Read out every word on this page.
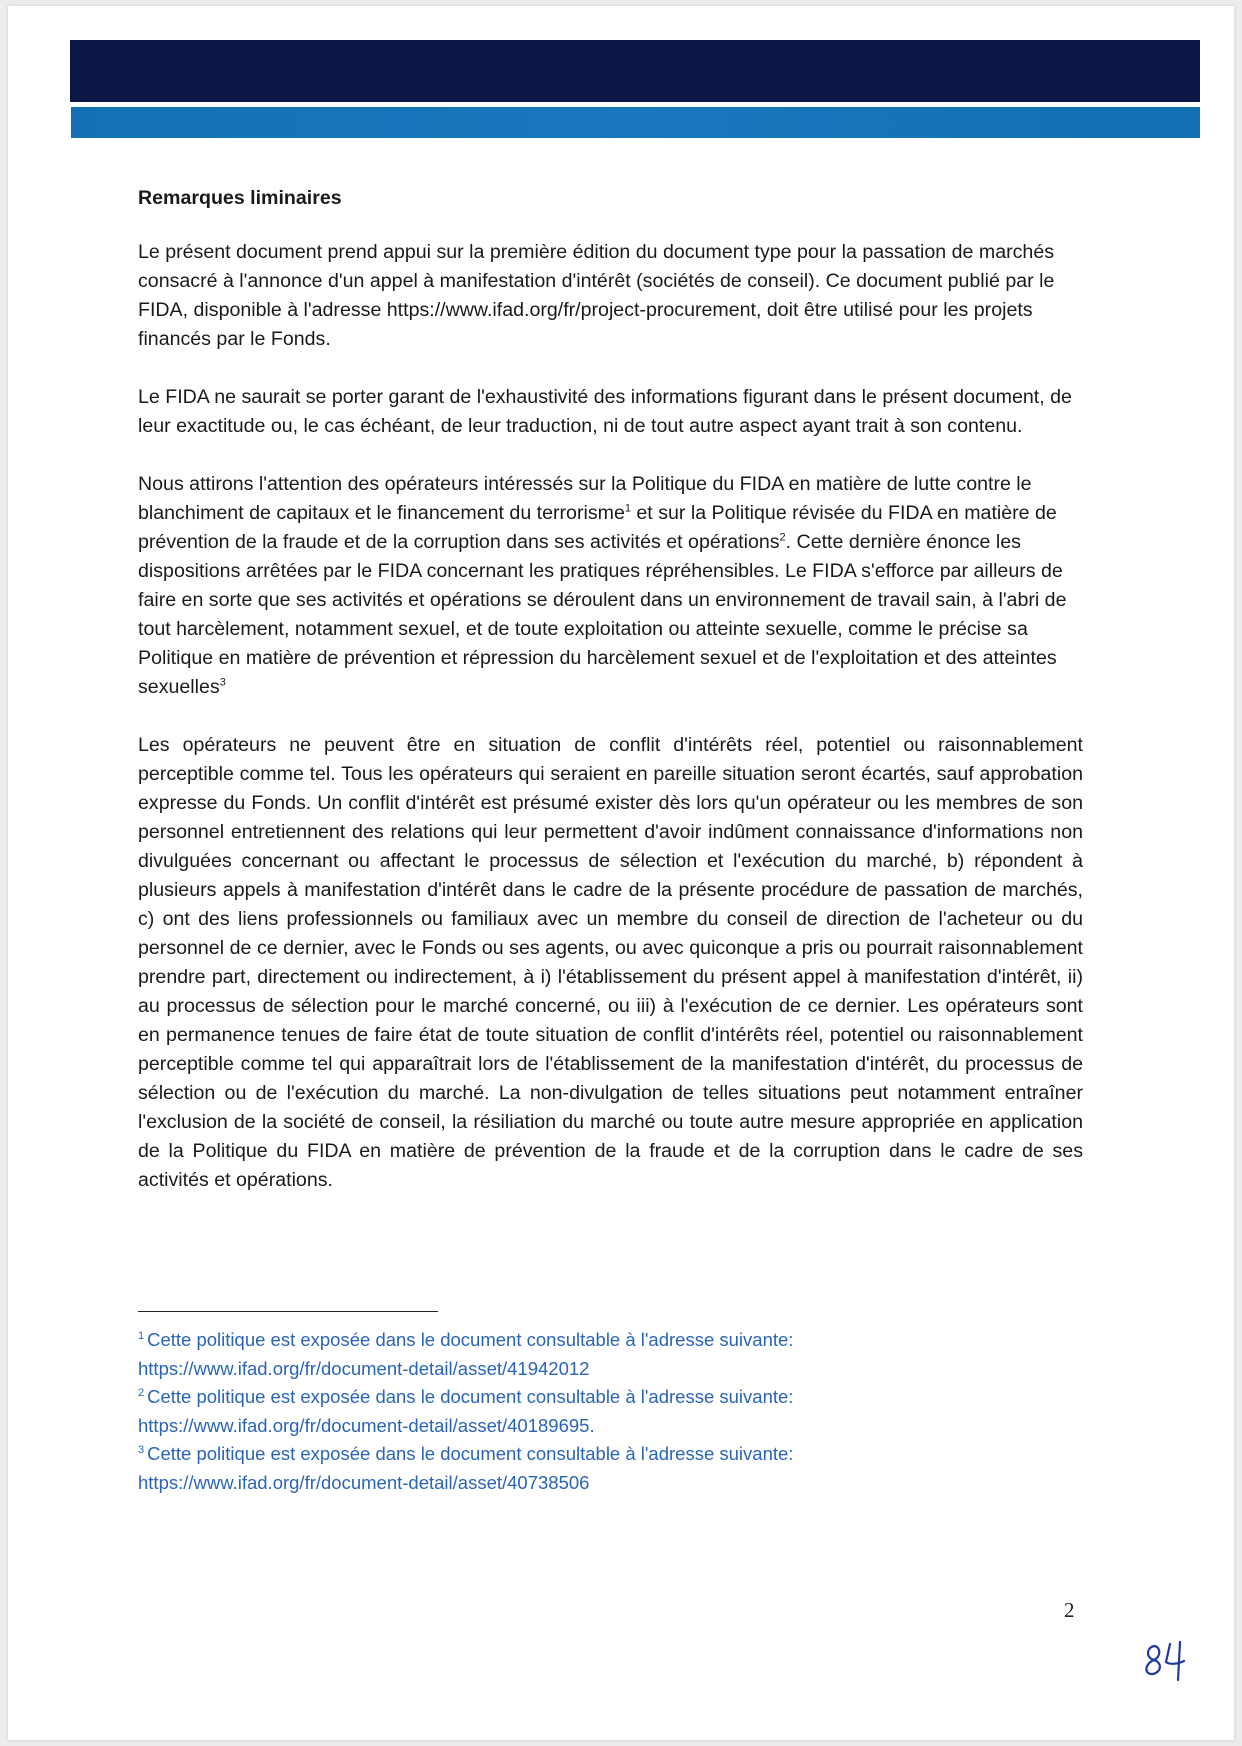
Remarques liminaires
Le présent document prend appui sur la première édition du document type pour la passation de marchés consacré à l'annonce d'un appel à manifestation d'intérêt (sociétés de conseil). Ce document publié par le FIDA, disponible à l'adresse https://www.ifad.org/fr/project-procurement, doit être utilisé pour les projets financés par le Fonds.
Le FIDA ne saurait se porter garant de l'exhaustivité des informations figurant dans le présent document, de leur exactitude ou, le cas échéant, de leur traduction, ni de tout autre aspect ayant trait à son contenu.
Nous attirons l'attention des opérateurs intéressés sur la Politique du FIDA en matière de lutte contre le blanchiment de capitaux et le financement du terrorisme$^1$ et sur la Politique révisée du FIDA en matière de prévention de la fraude et de la corruption dans ses activités et opérations$^2$. Cette dernière énonce les dispositions arrêtées par le FIDA concernant les pratiques répréhensibles. Le FIDA s'efforce par ailleurs de faire en sorte que ses activités et opérations se déroulent dans un environnement de travail sain, à l'abri de tout harcèlement, notamment sexuel, et de toute exploitation ou atteinte sexuelle, comme le précise sa Politique en matière de prévention et répression du harcèlement sexuel et de l'exploitation et des atteintes sexuelles$^3$
Les opérateurs ne peuvent être en situation de conflit d'intérêts réel, potentiel ou raisonnablement perceptible comme tel. Tous les opérateurs qui seraient en pareille situation seront écartés, sauf approbation expresse du Fonds. Un conflit d'intérêt est présumé exister dès lors qu'un opérateur ou les membres de son personnel entretiennent des relations qui leur permettent d'avoir indûment connaissance d'informations non divulguées concernant ou affectant le processus de sélection et l'exécution du marché, b) répondent à plusieurs appels à manifestation d'intérêt dans le cadre de la présente procédure de passation de marchés, c) ont des liens professionnels ou familiaux avec un membre du conseil de direction de l'acheteur ou du personnel de ce dernier, avec le Fonds ou ses agents, ou avec quiconque a pris ou pourrait raisonnablement prendre part, directement ou indirectement, à i) l'établissement du présent appel à manifestation d'intérêt, ii) au processus de sélection pour le marché concerné, ou iii) à l'exécution de ce dernier. Les opérateurs sont en permanence tenues de faire état de toute situation de conflit d'intérêts réel, potentiel ou raisonnablement perceptible comme tel qui apparaîtrait lors de l'établissement de la manifestation d'intérêt, du processus de sélection ou de l'exécution du marché. La non-divulgation de telles situations peut notamment entraîner l'exclusion de la société de conseil, la résiliation du marché ou toute autre mesure appropriée en application de la Politique du FIDA en matière de prévention de la fraude et de la corruption dans le cadre de ses activités et opérations.
$^1$ Cette politique est exposée dans le document consultable à l'adresse suivante:
https://www.ifad.org/fr/document-detail/asset/41942012
$^2$ Cette politique est exposée dans le document consultable à l'adresse suivante:
https://www.ifad.org/fr/document-detail/asset/40189695.
$^3$ Cette politique est exposée dans le document consultable à l'adresse suivante:
https://www.ifad.org/fr/document-detail/asset/40738506
2
